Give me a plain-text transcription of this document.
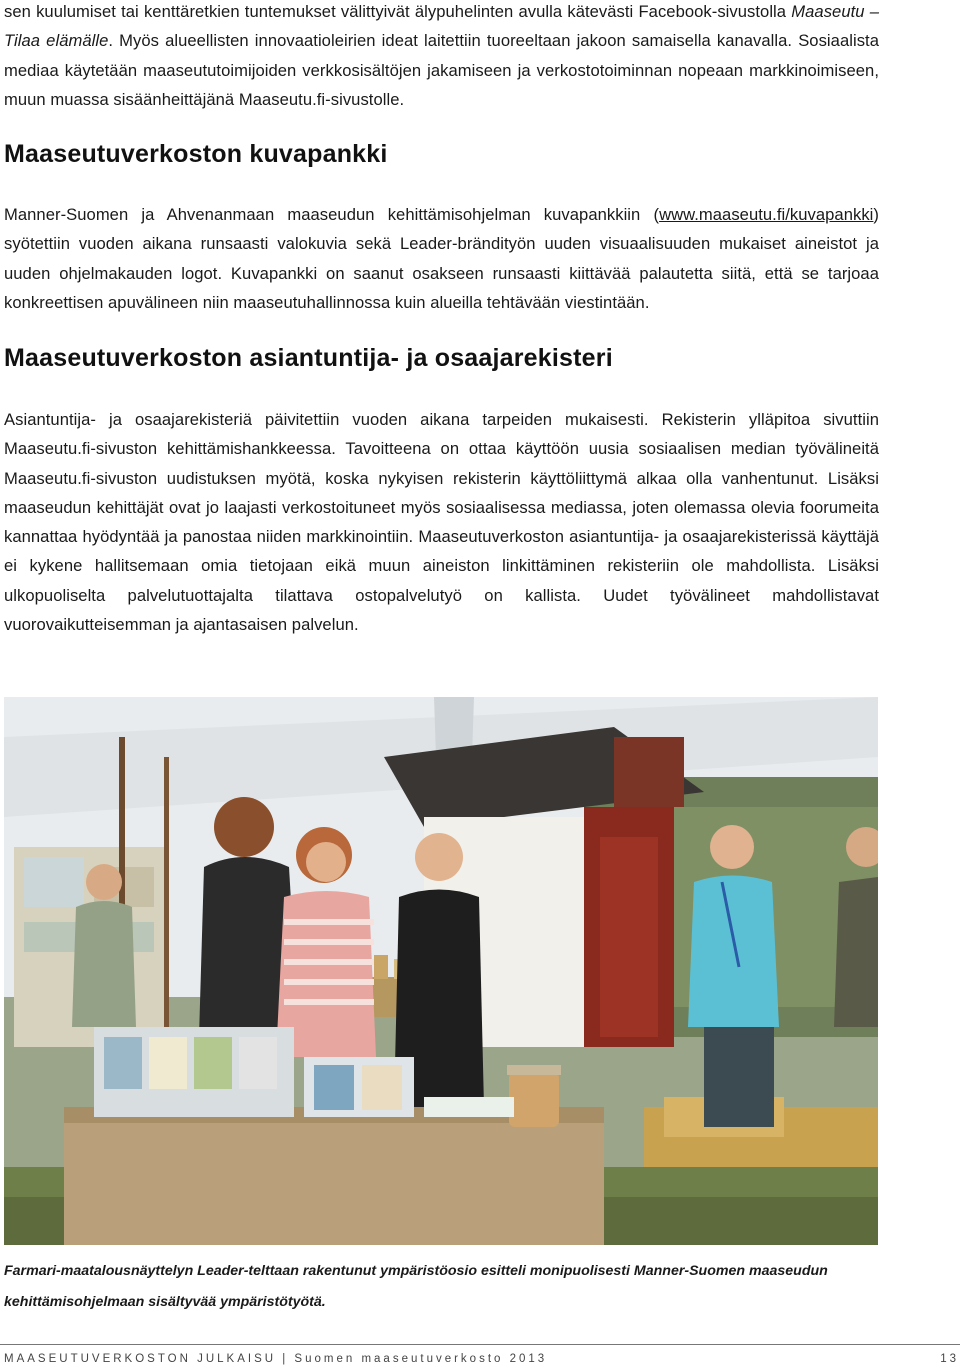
sen kuulumiset tai kenttäretkien tuntemukset välittyivät älypuhelinten avulla kätevästi Facebook-sivustolla Maaseutu – Tilaa elämälle. Myös alueellisten innovaatioleirien ideat laitettiin tuoreeltaan jakoon samaisella kanavalla. Sosiaalista mediaa käytetään maaseututoimijoiden verkkosisältöjen jakamiseen ja verkostotoiminnan nopeaan markkinoimiseen, muun muassa sisäänheittäjänä Maaseutu.fi-sivustolle.

Maaseutuverkoston kuvapankki

Manner-Suomen ja Ahvenanmaan maaseudun kehittämisohjelman kuvapankkiin (www.maaseutu.fi/kuvapankki) syötettiin vuoden aikana runsaasti valokuvia sekä Leader-brändityön uuden visuaalisuuden mukaiset aineistot ja uuden ohjelmakauden logot. Kuvapankki on saanut osakseen runsaasti kiittävää palautetta siitä, että se tarjoaa konkreettisen apuvälineen niin maaseutuhallinnossa kuin alueilla tehtävään viestintään.

Maaseutuverkoston asiantuntija- ja osaajarekisteri

Asiantuntija- ja osaajarekisteriä päivitettiin vuoden aikana tarpeiden mukaisesti. Rekisterin ylläpitoa sivuttiin Maaseutu.fi-sivuston kehittämishankkeessa. Tavoitteena on ottaa käyttöön uusia sosiaalisen median työvälineitä Maaseutu.fi-sivuston uudistuksen myötä, koska nykyisen rekisterin käyttöliittymä alkaa olla vanhentunut. Lisäksi maaseudun kehittäjät ovat jo laajasti verkostoituneet myös sosiaalisessa mediassa, joten olemassa olevia foorumeita kannattaa hyödyntää ja panostaa niiden markkinointiin. Maaseutuverkoston asiantuntija- ja osaajarekisterissä käyttäjä ei kykene hallitsemaan omia tietojaan eikä muun aineiston linkittäminen rekisteriin ole mahdollista. Lisäksi ulkopuoliselta palvelutuottajalta tilattava ostopalvelutyö on kallista. Uudet työvälineet mahdollistavat vuorovaikutteisemman ja ajantasaisen palvelun.

Farmari-maatalousnäyttelyn Leader-telttaan rakentunut ympäristöosio esitteli monipuolisesti Manner-Suomen maaseudun kehittämisohjelmaan sisältyvää ympäristötyötä.

MAASEUTUVERKOSTON JULKAISU | Suomen maaseutuverkosto 2013	13
